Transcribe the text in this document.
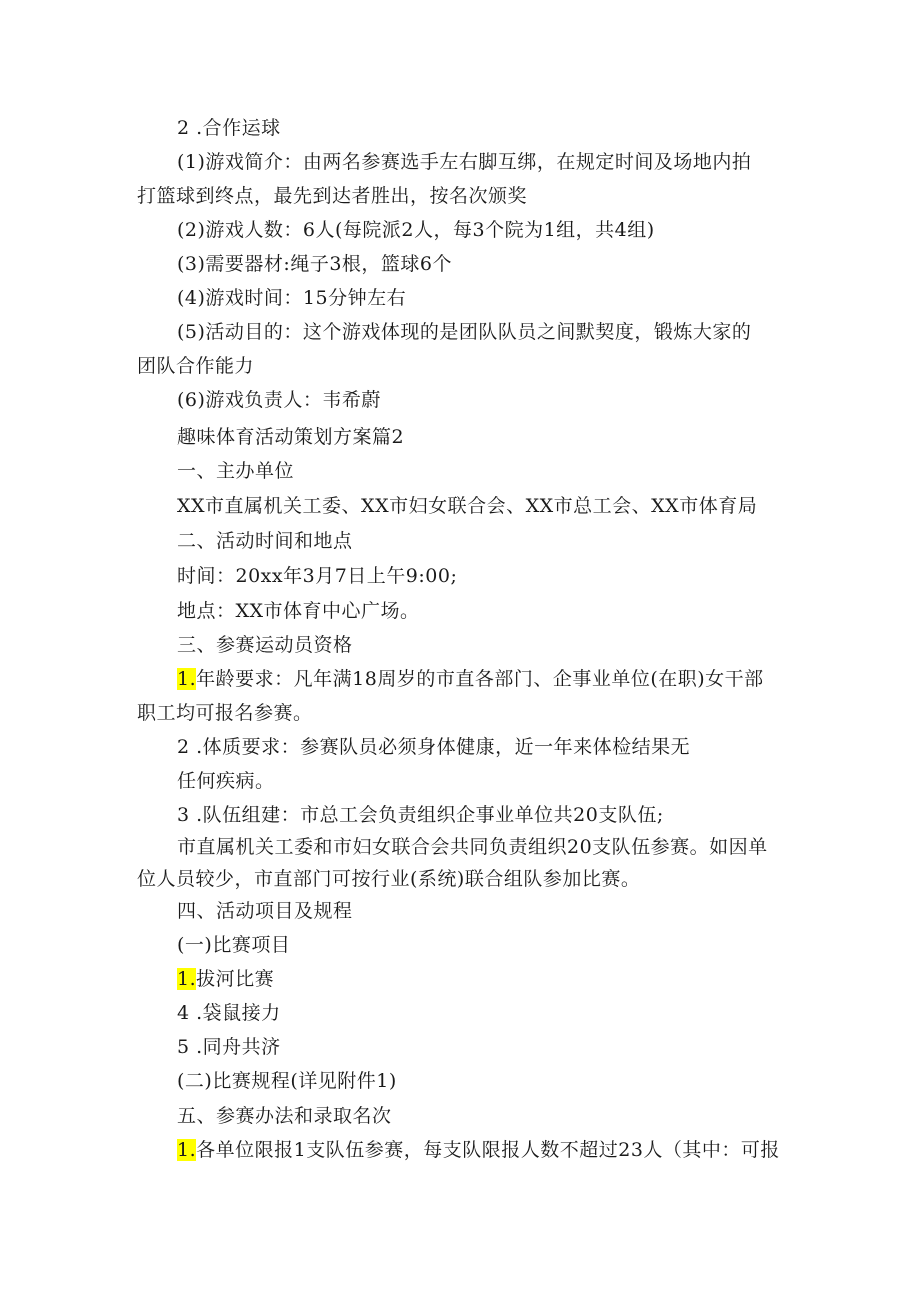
2 .合作运球
(1)游戏简介：由两名参赛选手左右脚互绑，在规定时间及场地内拍
打篮球到终点，最先到达者胜出，按名次颁奖
(2)游戏人数：6人(每院派2人，每3个院为1组，共4组)
(3)需要器材:绳子3根，篮球6个
(4)游戏时间：15分钟左右
(5)活动目的：这个游戏体现的是团队队员之间默契度，锻炼大家的
团队合作能力
(6)游戏负责人：韦希蔚
趣味体育活动策划方案篇2
一、主办单位
XX市直属机关工委、XX市妇女联合会、XX市总工会、XX市体育局
二、活动时间和地点
时间：20xx年3月7日上午9:00;
地点：XX市体育中心广场。
三、参赛运动员资格
1.年龄要求：凡年满18周岁的市直各部门、企事业单位(在职)女干部
职工均可报名参赛。
2 .体质要求：参赛队员必须身体健康，近一年来体检结果无
任何疾病。
3 .队伍组建：市总工会负责组织企事业单位共20支队伍;
市直属机关工委和市妇女联合会共同负责组织20支队伍参赛。如因单
位人员较少，市直部门可按行业(系统)联合组队参加比赛。
四、活动项目及规程
(一)比赛项目
1.拔河比赛
4 .袋鼠接力
5 .同舟共济
(二)比赛规程(详见附件1)
五、参赛办法和录取名次
1.各单位限报1支队伍参赛，每支队限报人数不超过23人（其中：可报
